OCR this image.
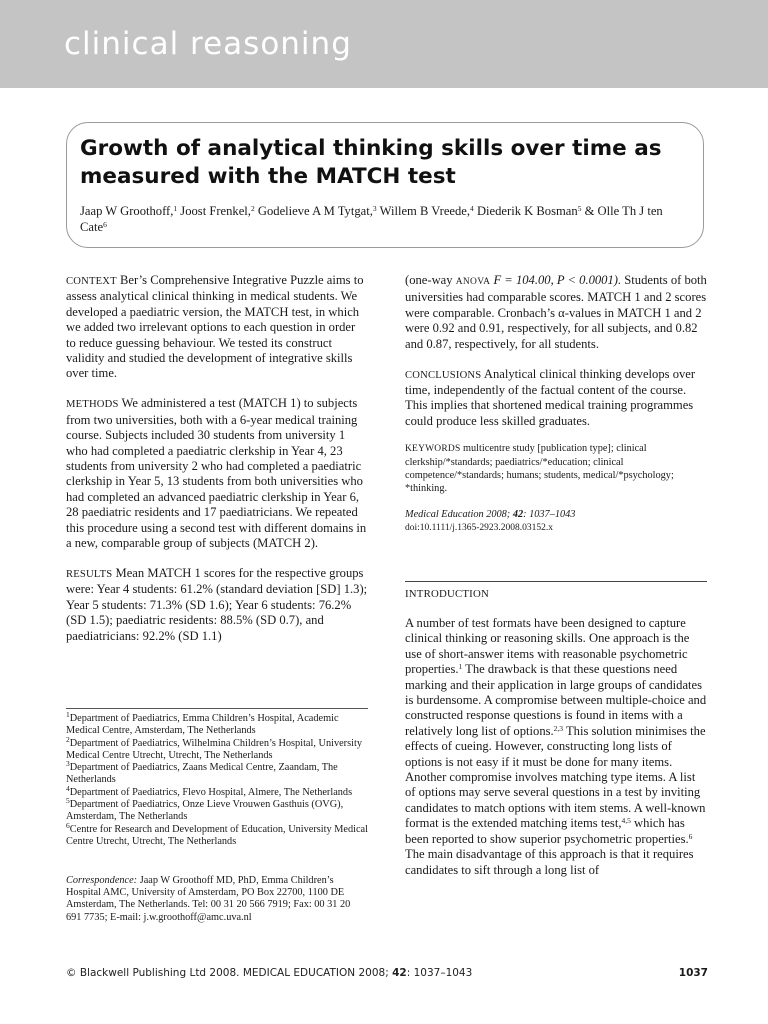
clinical reasoning
Growth of analytical thinking skills over time as measured with the MATCH test
Jaap W Groothoff,$^1$ Joost Frenkel,$^2$ Godelieve A M Tytgat,$^3$ Willem B Vreede,$^4$ Diederik K Bosman$^5$ & Olle Th J ten Cate$^6$

CONTEXT Ber’s Comprehensive Integrative Puzzle aims to assess analytical clinical thinking in medical students. We developed a paediatric version, the MATCH test, in which we added two irrelevant options to each question in order to reduce guessing behaviour. We tested its construct validity and studied the development of integrative skills over time.

METHODS We administered a test (MATCH 1) to subjects from two universities, both with a 6-year medical training course. Subjects included 30 students from university 1 who had completed a paediatric clerkship in Year 4, 23 students from university 2 who had completed a paediatric clerkship in Year 5, 13 students from both universities who had completed an advanced paediatric clerkship in Year 6, 28 paediatric residents and 17 paediatricians. We repeated this procedure using a second test with different domains in a new, comparable group of subjects (MATCH 2).

RESULTS Mean MATCH 1 scores for the respective groups were: Year 4 students: 61.2% (standard deviation [SD] 1.3); Year 5 students: 71.3% (SD 1.6); Year 6 students: 76.2% (SD 1.5); paediatric residents: 88.5% (SD 0.7), and paediatricians: 92.2% (SD 1.1)

$^1$Department of Paediatrics, Emma Children’s Hospital, Academic Medical Centre, Amsterdam, The Netherlands
$^2$Department of Paediatrics, Wilhelmina Children’s Hospital, University Medical Centre Utrecht, Utrecht, The Netherlands
$^3$Department of Paediatrics, Zaans Medical Centre, Zaandam, The Netherlands
$^4$Department of Paediatrics, Flevo Hospital, Almere, The Netherlands
$^5$Department of Paediatrics, Onze Lieve Vrouwen Gasthuis (OVG), Amsterdam, The Netherlands
$^6$Centre for Research and Development of Education, University Medical Centre Utrecht, Utrecht, The Netherlands
Correspondence: Jaap W Groothoff MD, PhD, Emma Children’s Hospital AMC, University of Amsterdam, PO Box 22700, 1100 DE Amsterdam, The Netherlands. Tel: 00 31 20 566 7919; Fax: 00 31 20 691 7735; E-mail: j.w.groothoff@amc.uva.nl

(one-way ANOVA F = 104.00, P < 0.0001). Students of both universities had comparable scores. MATCH 1 and 2 scores were comparable. Cronbach’s α-values in MATCH 1 and 2 were 0.92 and 0.91, respectively, for all subjects, and 0.82 and 0.87, respectively, for all students.

CONCLUSIONS Analytical clinical thinking develops over time, independently of the factual content of the course. This implies that shortened medical training programmes could produce less skilled graduates.

KEYWORDS multicentre study [publication type]; clinical clerkship/*standards; paediatrics/*education; clinical competence/*standards; humans; students, medical/*psychology; *thinking.

Medical Education 2008; 42: 1037–1043
doi:10.1111/j.1365-2923.2008.03152.x

INTRODUCTION
A number of test formats have been designed to capture clinical thinking or reasoning skills. One approach is the use of short-answer items with reasonable psychometric properties.$^1$ The drawback is that these questions need marking and their application in large groups of candidates is burdensome. A compromise between multiple-choice and constructed response questions is found in items with a relatively long list of options.$^{2,3}$ This solution minimises the effects of cueing. However, constructing long lists of options is not easy if it must be done for many items. Another compromise involves matching type items. A list of options may serve several questions in a test by inviting candidates to match options with item stems. A well-known format is the extended matching items test,$^{4,5}$ which has been reported to show superior psychometric properties.$^6$ The main disadvantage of this approach is that it requires candidates to sift through a long list of
© Blackwell Publishing Ltd 2008. MEDICAL EDUCATION 2008; 42: 1037–1043	1037
